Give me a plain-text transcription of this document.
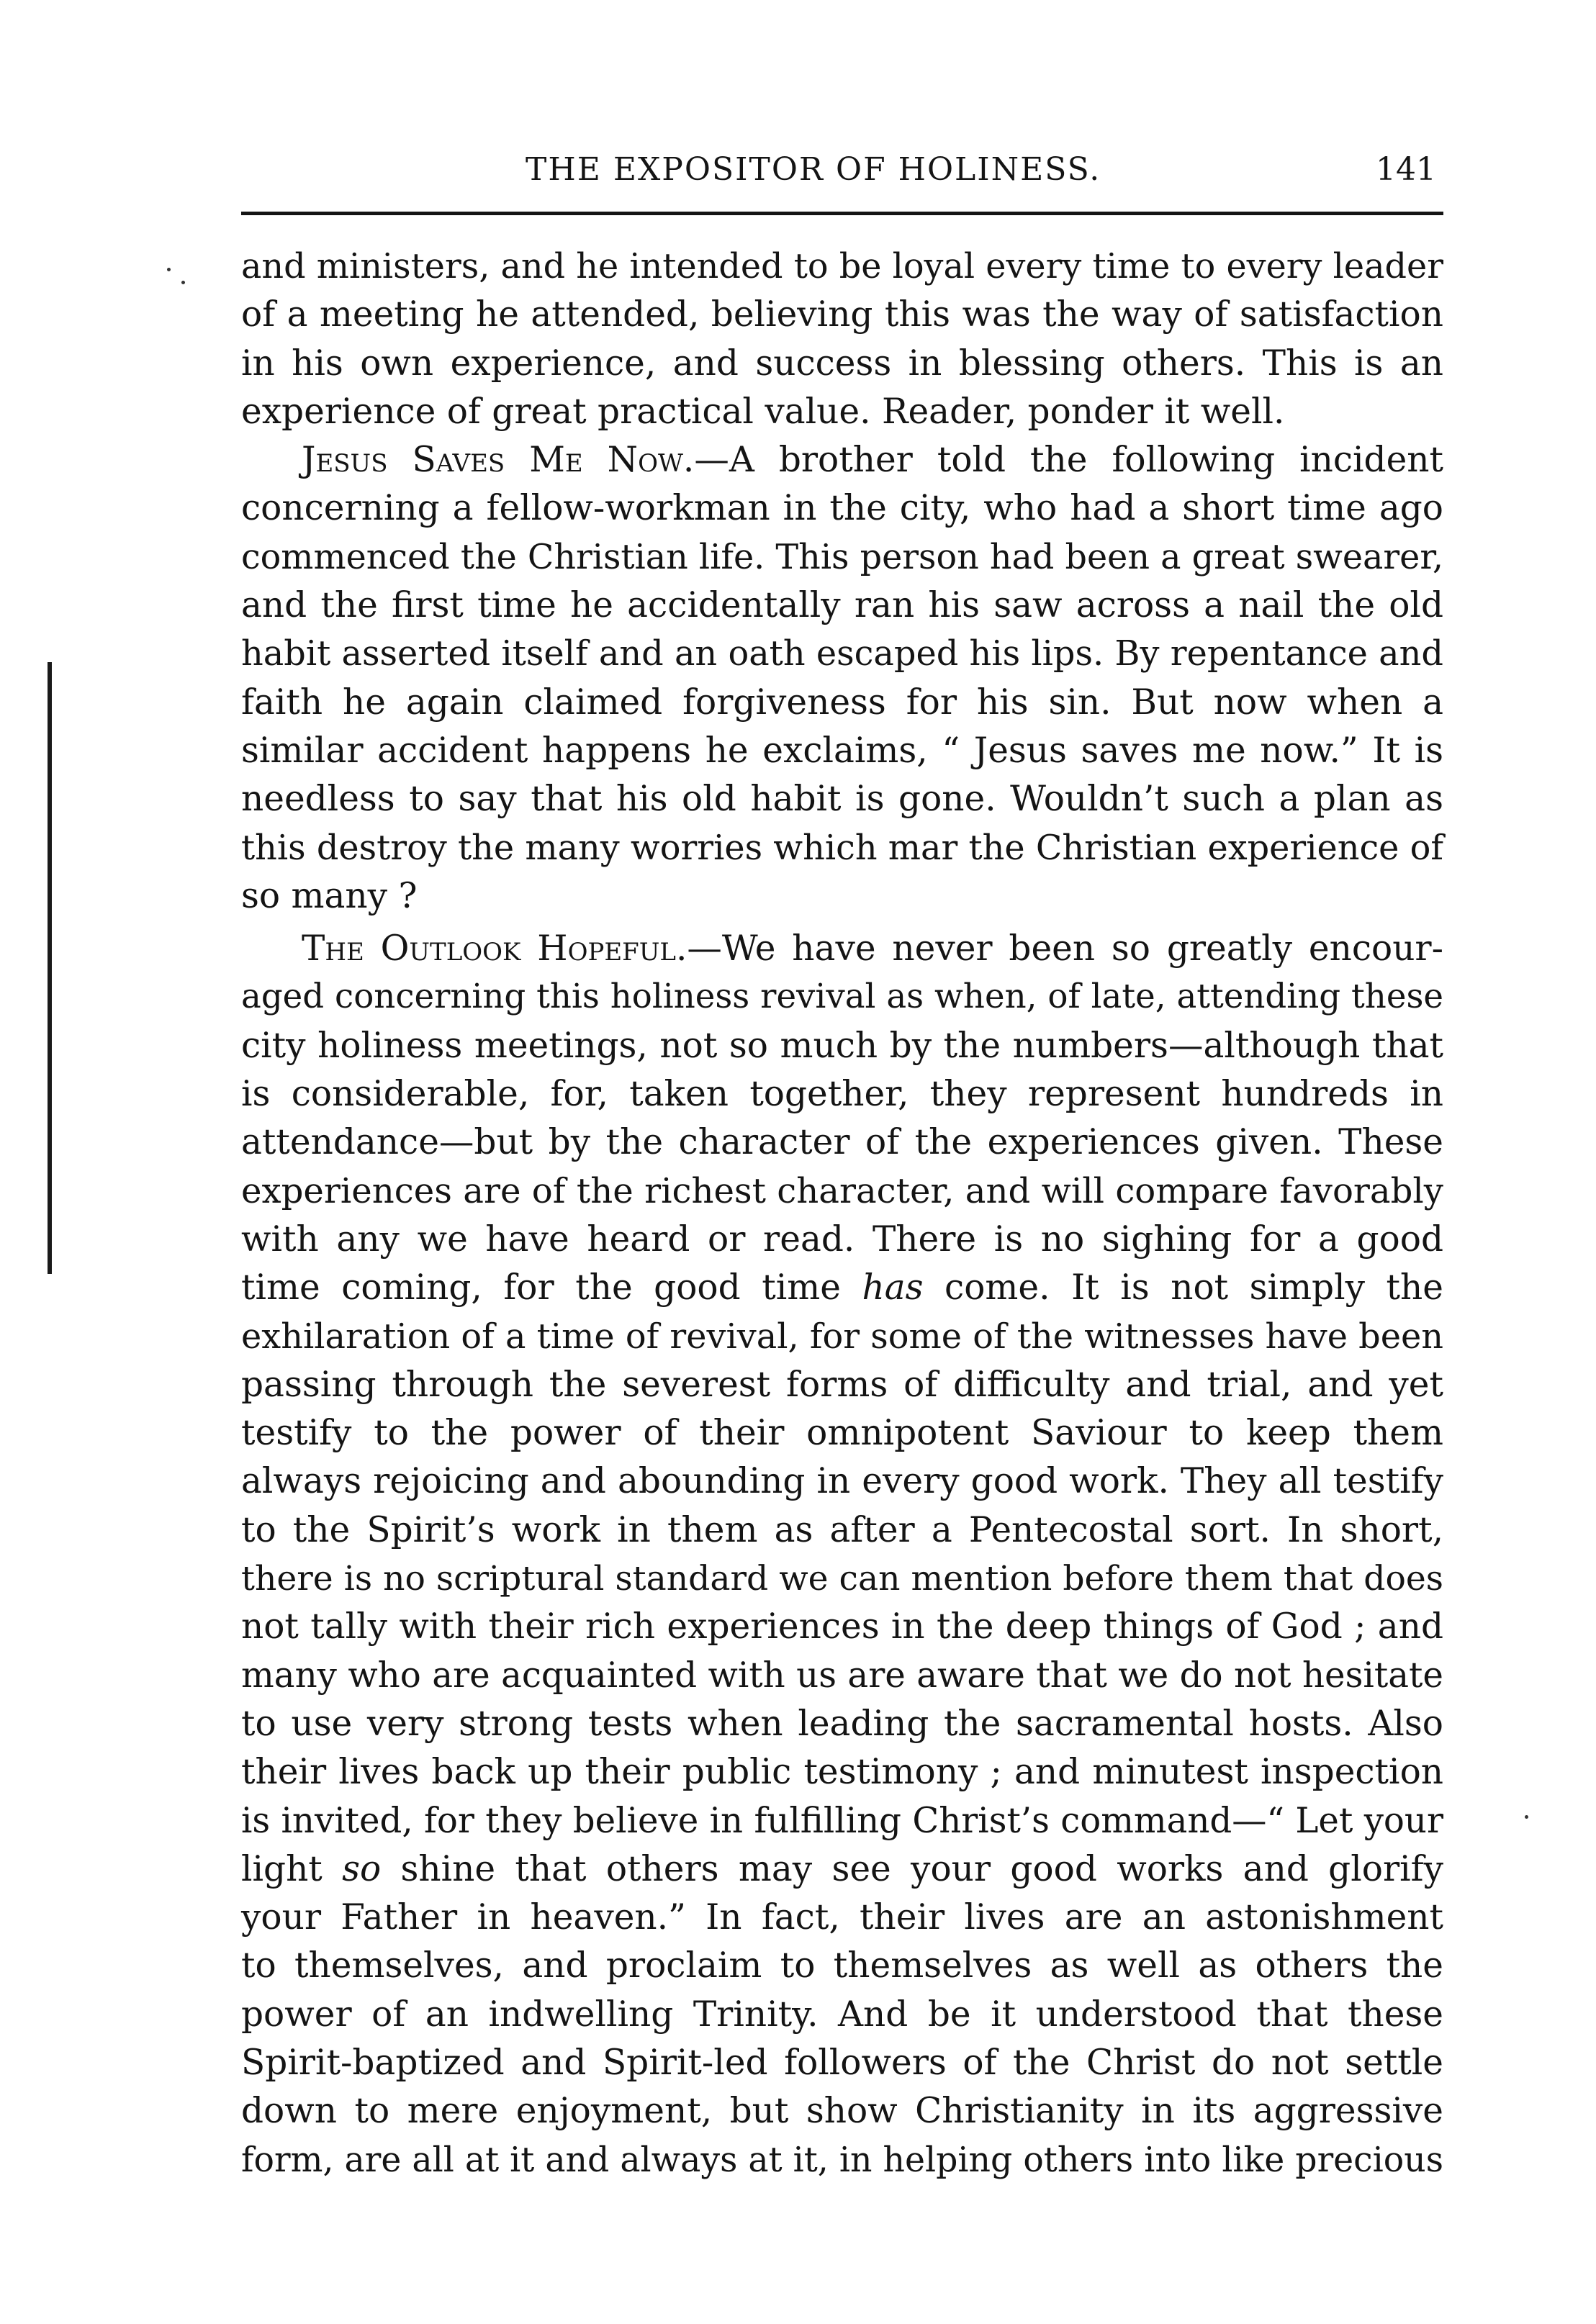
THE EXPOSITOR OF HOLINESS.	141
and ministers, and he intended to be loyal every time to every leader
of a meeting he attended, believing this was the way of satisfaction
in his own experience, and success in blessing others. This is an
experience of great practical value. Reader, ponder it well.
Jesus Saves Me Now.—A brother told the following incident
concerning a fellow-workman in the city, who had a short time ago
commenced the Christian life. This person had been a great swearer,
and the first time he accidentally ran his saw across a nail the old
habit asserted itself and an oath escaped his lips. By repentance and
faith he again claimed forgiveness for his sin. But now when a
similar accident happens he exclaims, “ Jesus saves me now.” It is
needless to say that his old habit is gone. Wouldn’t such a plan as
this destroy the many worries which mar the Christian experience of
so many ?
The Outlook Hopeful.—We have never been so greatly encour-
aged concerning this holiness revival as when, of late, attending these
city holiness meetings, not so much by the numbers—although that
is considerable, for, taken together, they represent hundreds in
attendance—but by the character of the experiences given. These
experiences are of the richest character, and will compare favorably
with any we have heard or read. There is no sighing for a good
time coming, for the good time has come. It is not simply the
exhilaration of a time of revival, for some of the witnesses have been
passing through the severest forms of difficulty and trial, and yet
testify to the power of their omnipotent Saviour to keep them
always rejoicing and abounding in every good work. They all testify
to the Spirit’s work in them as after a Pentecostal sort. In short,
there is no scriptural standard we can mention before them that does
not tally with their rich experiences in the deep things of God ; and
many who are acquainted with us are aware that we do not hesitate
to use very strong tests when leading the sacramental hosts. Also
their lives back up their public testimony ; and minutest inspection
is invited, for they believe in fulfilling Christ’s command—“ Let your
light so shine that others may see your good works and glorify
your Father in heaven.” In fact, their lives are an astonishment
to themselves, and proclaim to themselves as well as others the
power of an indwelling Trinity. And be it understood that these
Spirit-baptized and Spirit-led followers of the Christ do not settle
down to mere enjoyment, but show Christianity in its aggressive
form, are all at it and always at it, in helping others into like precious
